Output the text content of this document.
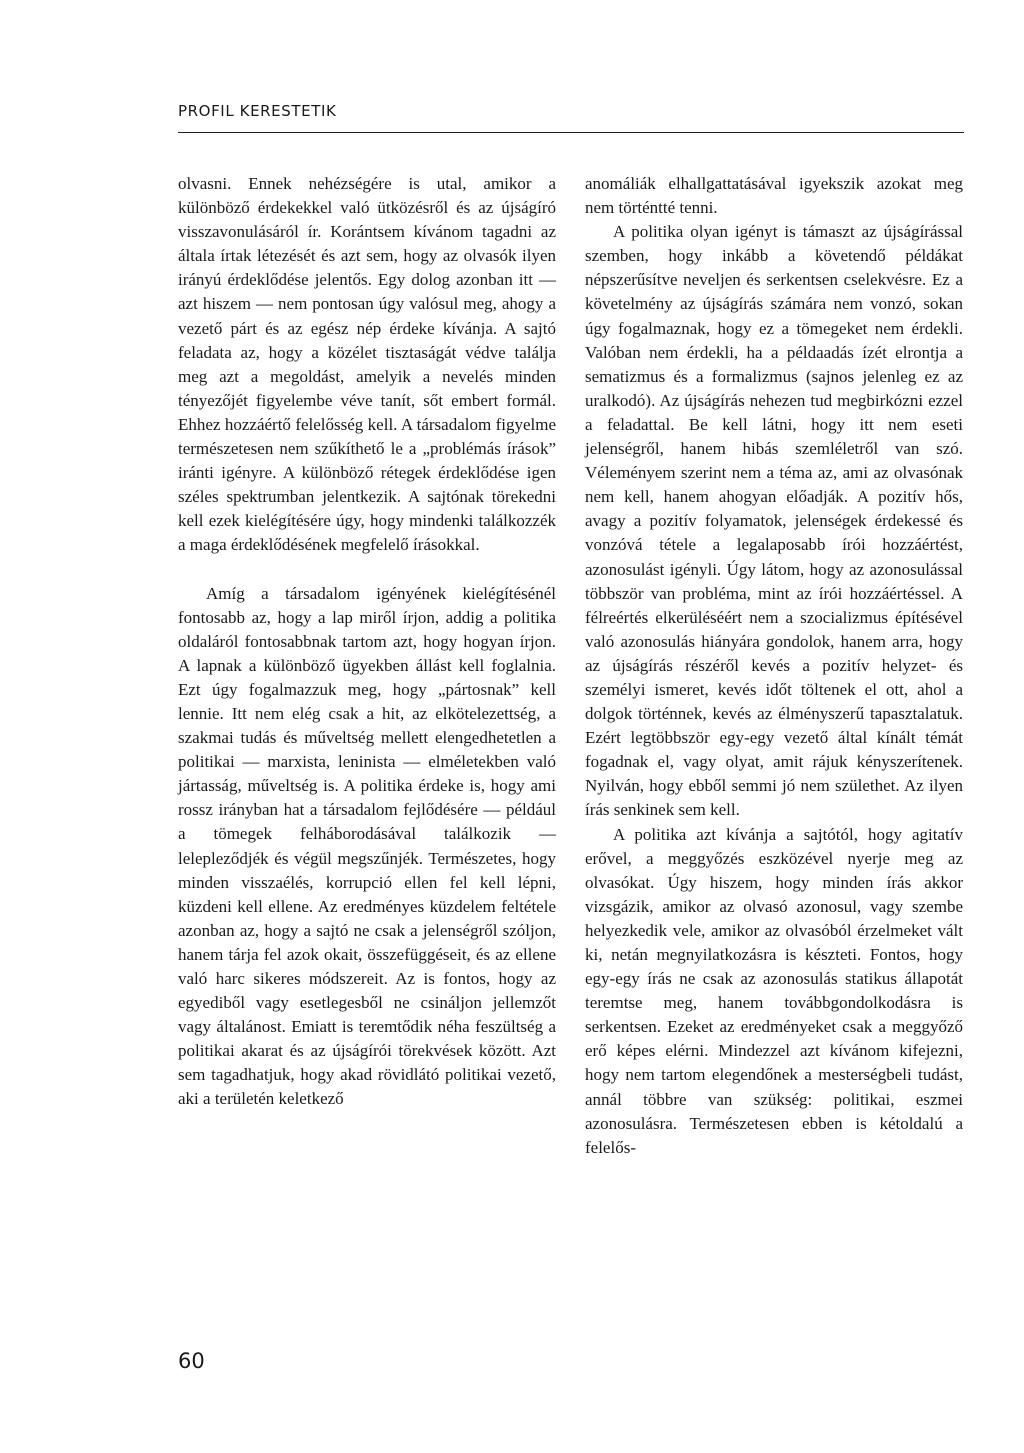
PROFIL KERESTETIK

olvasni. Ennek nehézségére is utal, amikor a különböző érdekekkel való ütközésről és az újságíró visszavonulásáról ír. Korántsem kívánom tagadni az általa írtak létezését és azt sem, hogy az olvasók ilyen irányú érdeklődése jelentős. Egy dolog azonban itt — azt hiszem — nem pontosan úgy valósul meg, ahogy a vezető párt és az egész nép érdeke kívánja. A sajtó feladata az, hogy a közélet tisztaságát védve találja meg azt a megoldást, amelyik a nevelés minden tényezőjét figyelembe véve tanít, sőt embert formál. Ehhez hozzáértő felelősség kell. A társadalom figyelme természetesen nem szűkíthető le a „problémás írások” iránti igényre. A különböző rétegek érdeklődése igen széles spektrumban jelentkezik. A sajtónak törekedni kell ezek kielégítésére úgy, hogy mindenki találkozzék a maga érdeklődésének megfelelő írásokkal.

Amíg a társadalom igényének kielégítésénél fontosabb az, hogy a lap miről írjon, addig a politika oldaláról fontosabbnak tartom azt, hogy hogyan írjon. A lapnak a különböző ügyekben állást kell foglalnia. Ezt úgy fogalmazzuk meg, hogy „pártosnak” kell lennie. Itt nem elég csak a hit, az elkötelezettség, a szakmai tudás és műveltség mellett elengedhetetlen a politikai — marxista, leninista — elméletekben való jártasság, műveltség is. A politika érdeke is, hogy ami rossz irányban hat a társadalom fejlődésére — például a tömegek felháborodásával találkozik — lelepleződjék és végül megszűnjék. Természetes, hogy minden visszaélés, korrupció ellen fel kell lépni, küzdeni kell ellene. Az eredményes küzdelem feltétele azonban az, hogy a sajtó ne csak a jelenségről szóljon, hanem tárja fel azok okait, összefüggéseit, és az ellene való harc sikeres módszereit. Az is fontos, hogy az egyediből vagy esetlegesből ne csináljon jellemzőt vagy általánost. Emiatt is teremtődik néha feszültség a politikai akarat és az újságírói törekvések között. Azt sem tagadhatjuk, hogy akad rövidlátó politikai vezető, aki a területén keletkező

anomáliák elhallgattatásával igyekszik azokat meg nem történtté tenni.

A politika olyan igényt is támaszt az újságírással szemben, hogy inkább a követendő példákat népszerűsítve neveljen és serkentsen cselekvésre. Ez a követelmény az újságírás számára nem vonzó, sokan úgy fogalmaznak, hogy ez a tömegeket nem érdekli. Valóban nem érdekli, ha a példaadás ízét elrontja a sematizmus és a formalizmus (sajnos jelenleg ez az uralkodó). Az újságírás nehezen tud megbirkózni ezzel a feladattal. Be kell látni, hogy itt nem eseti jelenségről, hanem hibás szemléletről van szó. Véleményem szerint nem a téma az, ami az olvasónak nem kell, hanem ahogyan előadják. A pozitív hős, avagy a pozitív folyamatok, jelenségek érdekessé és vonzóvá tétele a legalaposabb írói hozzáértést, azonosulást igényli. Úgy látom, hogy az azonosulással többször van probléma, mint az írói hozzáértéssel. A félreértés elkerüléséért nem a szocializmus építésével való azonosulás hiányára gondolok, hanem arra, hogy az újságírás részéről kevés a pozitív helyzet- és személyi ismeret, kevés időt töltenek el ott, ahol a dolgok történnek, kevés az élményszerű tapasztalatuk. Ezért legtöbbször egy-egy vezető által kínált témát fogadnak el, vagy olyat, amit rájuk kényszerítenek. Nyilván, hogy ebből semmi jó nem születhet. Az ilyen írás senkinek sem kell.

A politika azt kívánja a sajtótól, hogy agitatív erővel, a meggyőzés eszközével nyerje meg az olvasókat. Úgy hiszem, hogy minden írás akkor vizsgázik, amikor az olvasó azonosul, vagy szembe helyezkedik vele, amikor az olvasóból érzelmeket vált ki, netán megnyilatkozásra is készteti. Fontos, hogy egy-egy írás ne csak az azonosulás statikus állapotát teremtse meg, hanem továbbgondolkodásra is serkentsen. Ezeket az eredményeket csak a meggyőző erő képes elérni. Mindezzel azt kívánom kifejezni, hogy nem tartom elegendőnek a mesterségbeli tudást, annál többre van szükség: politikai, eszmei azonosulásra. Természetesen ebben is kétoldalú a felelős-

60
